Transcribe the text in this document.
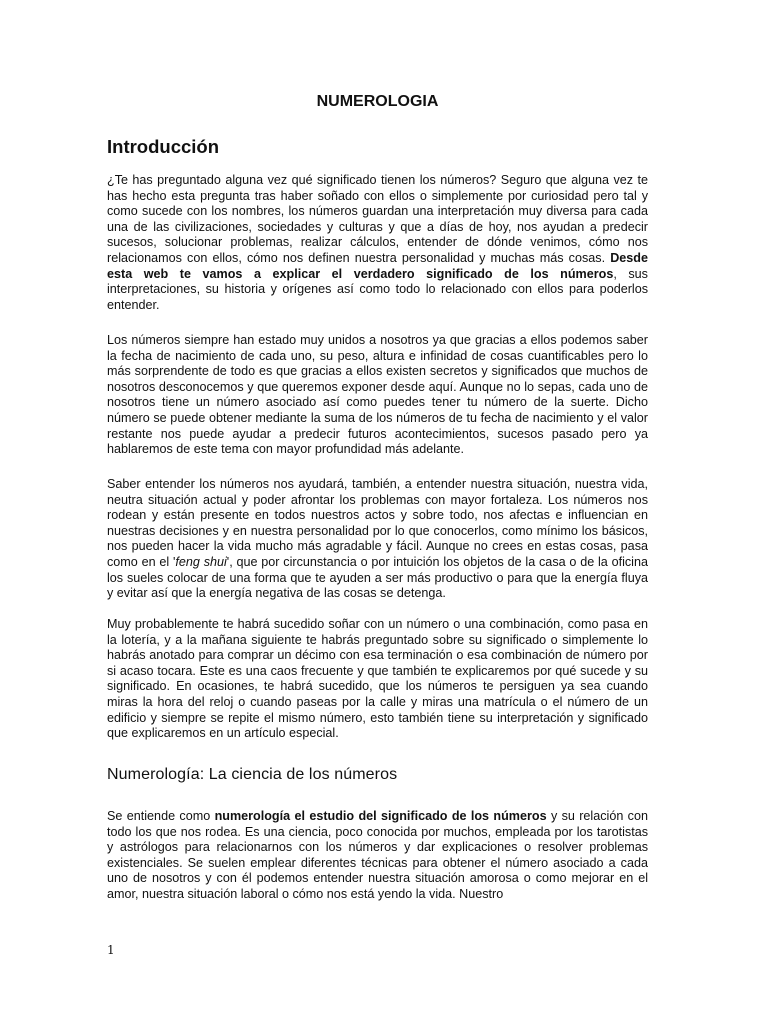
NUMEROLOGIA
Introducción

¿Te has preguntado alguna vez qué significado tienen los números? Seguro que alguna vez te has hecho esta pregunta tras haber soñado con ellos o simplemente por curiosidad pero tal y como sucede con los nombres, los números guardan una interpretación muy diversa para cada una de las civilizaciones, sociedades y culturas y que a días de hoy, nos ayudan a predecir sucesos, solucionar problemas, realizar cálculos, entender de dónde venimos, cómo nos relacionamos con ellos, cómo nos definen nuestra personalidad y muchas más cosas. Desde esta web te vamos a explicar el verdadero significado de los números, sus interpretaciones, su historia y orígenes así como todo lo relacionado con ellos para poderlos entender.

Los números siempre han estado muy unidos a nosotros ya que gracias a ellos podemos saber la fecha de nacimiento de cada uno, su peso, altura e infinidad de cosas cuantificables pero lo más sorprendente de todo es que gracias a ellos existen secretos y significados que muchos de nosotros desconocemos y que queremos exponer desde aquí. Aunque no lo sepas, cada uno de nosotros tiene un número asociado así como puedes tener tu número de la suerte. Dicho número se puede obtener mediante la suma de los números de tu fecha de nacimiento y el valor restante nos puede ayudar a predecir futuros acontecimientos, sucesos pasado pero ya hablaremos de este tema con mayor profundidad más adelante.

Saber entender los números nos ayudará, también, a entender nuestra situación, nuestra vida, neutra situación actual y poder afrontar los problemas con mayor fortaleza. Los números nos rodean y están presente en todos nuestros actos y sobre todo, nos afectas e influencian en nuestras decisiones y en nuestra personalidad por lo que conocerlos, como mínimo los básicos, nos pueden hacer la vida mucho más agradable y fácil. Aunque no crees en estas cosas, pasa como en el 'feng shui', que por circunstancia o por intuición los objetos de la casa o de la oficina los sueles colocar de una forma que te ayuden a ser más productivo o para que la energía fluya y evitar así que la energía negativa de las cosas se detenga.

Muy probablemente te habrá sucedido soñar con un número o una combinación, como pasa en la lotería, y a la mañana siguiente te habrás preguntado sobre su significado o simplemente lo habrás anotado para comprar un décimo con esa terminación o esa combinación de número por si acaso tocara. Este es una caos frecuente y que también te explicaremos por qué sucede y su significado. En ocasiones, te habrá sucedido, que los números te persiguen ya sea cuando miras la hora del reloj o cuando paseas por la calle y miras una matrícula o el número de un edificio y siempre se repite el mismo número, esto también tiene su interpretación y significado que explicaremos en un artículo especial.

Numerología: La ciencia de los números

Se entiende como numerología el estudio del significado de los números y su relación con todo los que nos rodea. Es una ciencia, poco conocida por muchos, empleada por los tarotistas y astrólogos para relacionarnos con los números y dar explicaciones o resolver problemas existenciales. Se suelen emplear diferentes técnicas para obtener el número asociado a cada uno de nosotros y con él podemos entender nuestra situación amorosa o como mejorar en el amor, nuestra situación laboral o cómo nos está yendo la vida. Nuestro

1
